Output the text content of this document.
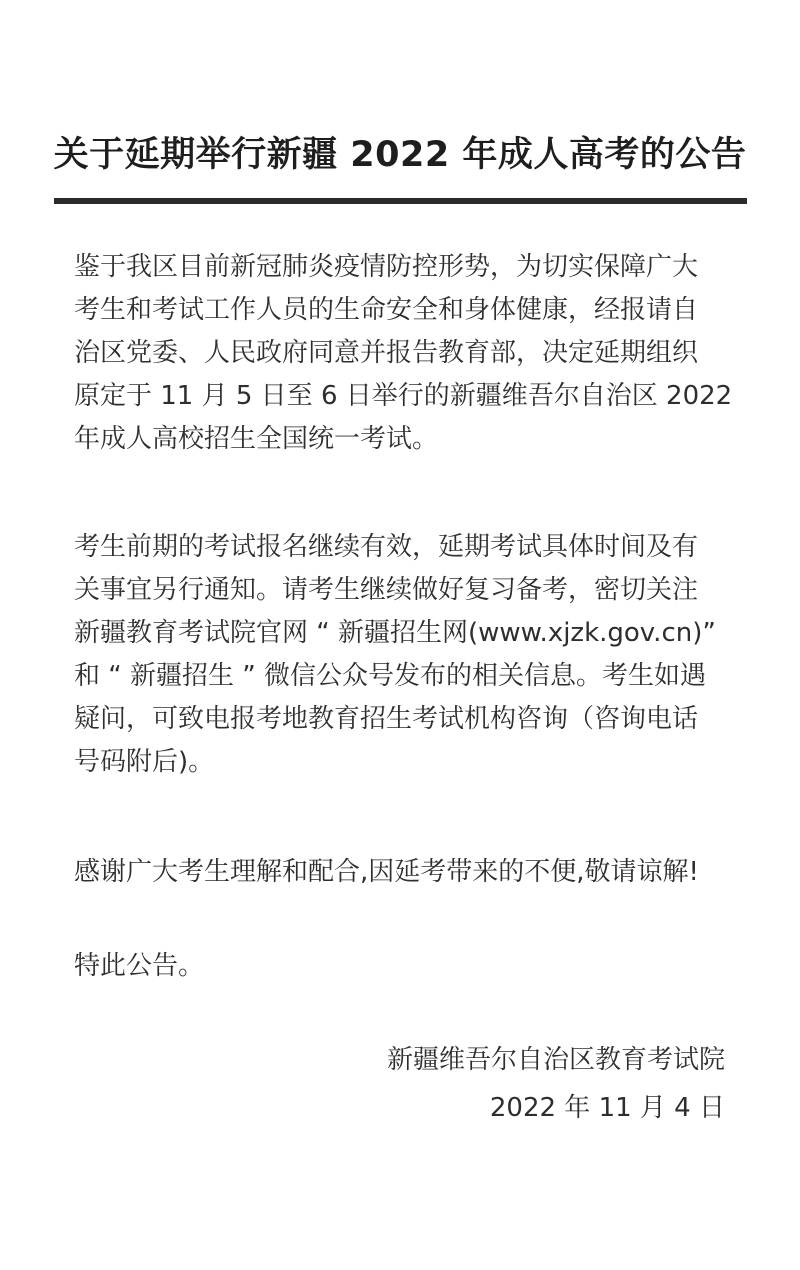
关于延期举行新疆 2022 年成人高考的公告

鉴于我区目前新冠肺炎疫情防控形势，为切实保障广大
考生和考试工作人员的生命安全和身体健康，经报请自
治区党委、人民政府同意并报告教育部，决定延期组织
原定于 11 月 5 日至 6 日举行的新疆维吾尔自治区 2022
年成人高校招生全国统一考试。

考生前期的考试报名继续有效，延期考试具体时间及有
关事宜另行通知。请考生继续做好复习备考，密切关注
新疆教育考试院官网 “ 新疆招生网(www.xjzk.gov.cn)”
和 “ 新疆招生 ” 微信公众号发布的相关信息。考生如遇
疑问，可致电报考地教育招生考试机构咨询（咨询电话
号码附后)。

感谢广大考生理解和配合,因延考带来的不便,敬请谅解!

特此公告。

新疆维吾尔自治区教育考试院
2022 年 11 月 4 日
